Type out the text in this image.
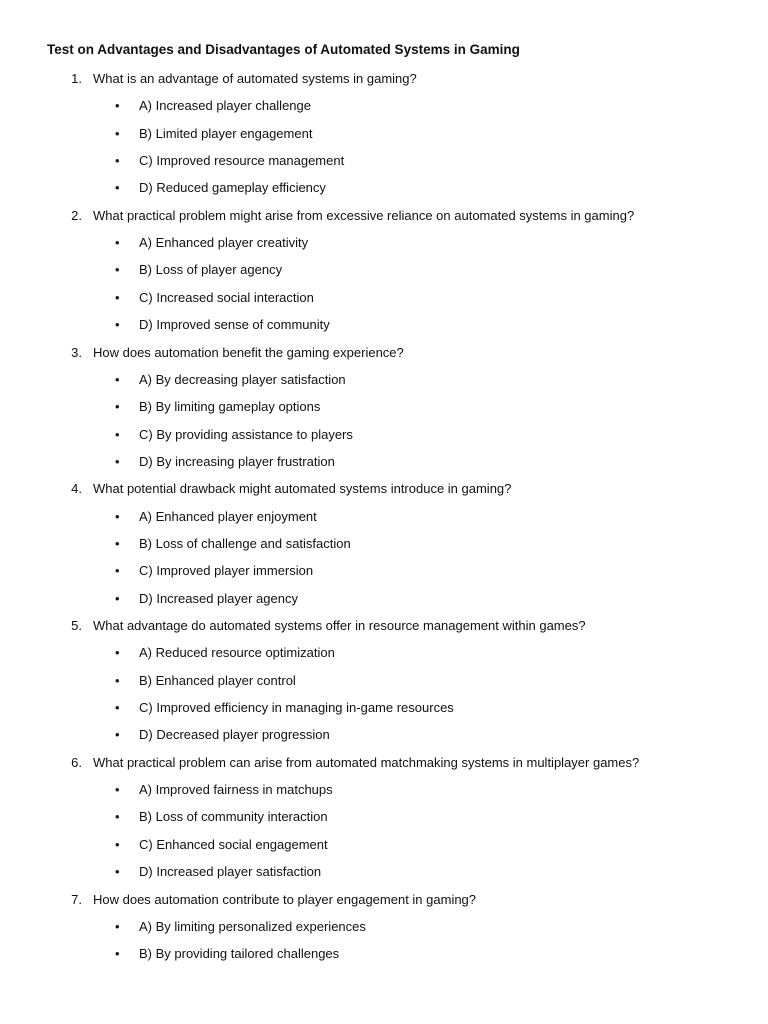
Test on Advantages and Disadvantages of Automated Systems in Gaming
1. What is an advantage of automated systems in gaming?
• A) Increased player challenge
• B) Limited player engagement
• C) Improved resource management
• D) Reduced gameplay efficiency
2. What practical problem might arise from excessive reliance on automated systems in gaming?
• A) Enhanced player creativity
• B) Loss of player agency
• C) Increased social interaction
• D) Improved sense of community
3. How does automation benefit the gaming experience?
• A) By decreasing player satisfaction
• B) By limiting gameplay options
• C) By providing assistance to players
• D) By increasing player frustration
4. What potential drawback might automated systems introduce in gaming?
• A) Enhanced player enjoyment
• B) Loss of challenge and satisfaction
• C) Improved player immersion
• D) Increased player agency
5. What advantage do automated systems offer in resource management within games?
• A) Reduced resource optimization
• B) Enhanced player control
• C) Improved efficiency in managing in-game resources
• D) Decreased player progression
6. What practical problem can arise from automated matchmaking systems in multiplayer games?
• A) Improved fairness in matchups
• B) Loss of community interaction
• C) Enhanced social engagement
• D) Increased player satisfaction
7. How does automation contribute to player engagement in gaming?
• A) By limiting personalized experiences
• B) By providing tailored challenges
